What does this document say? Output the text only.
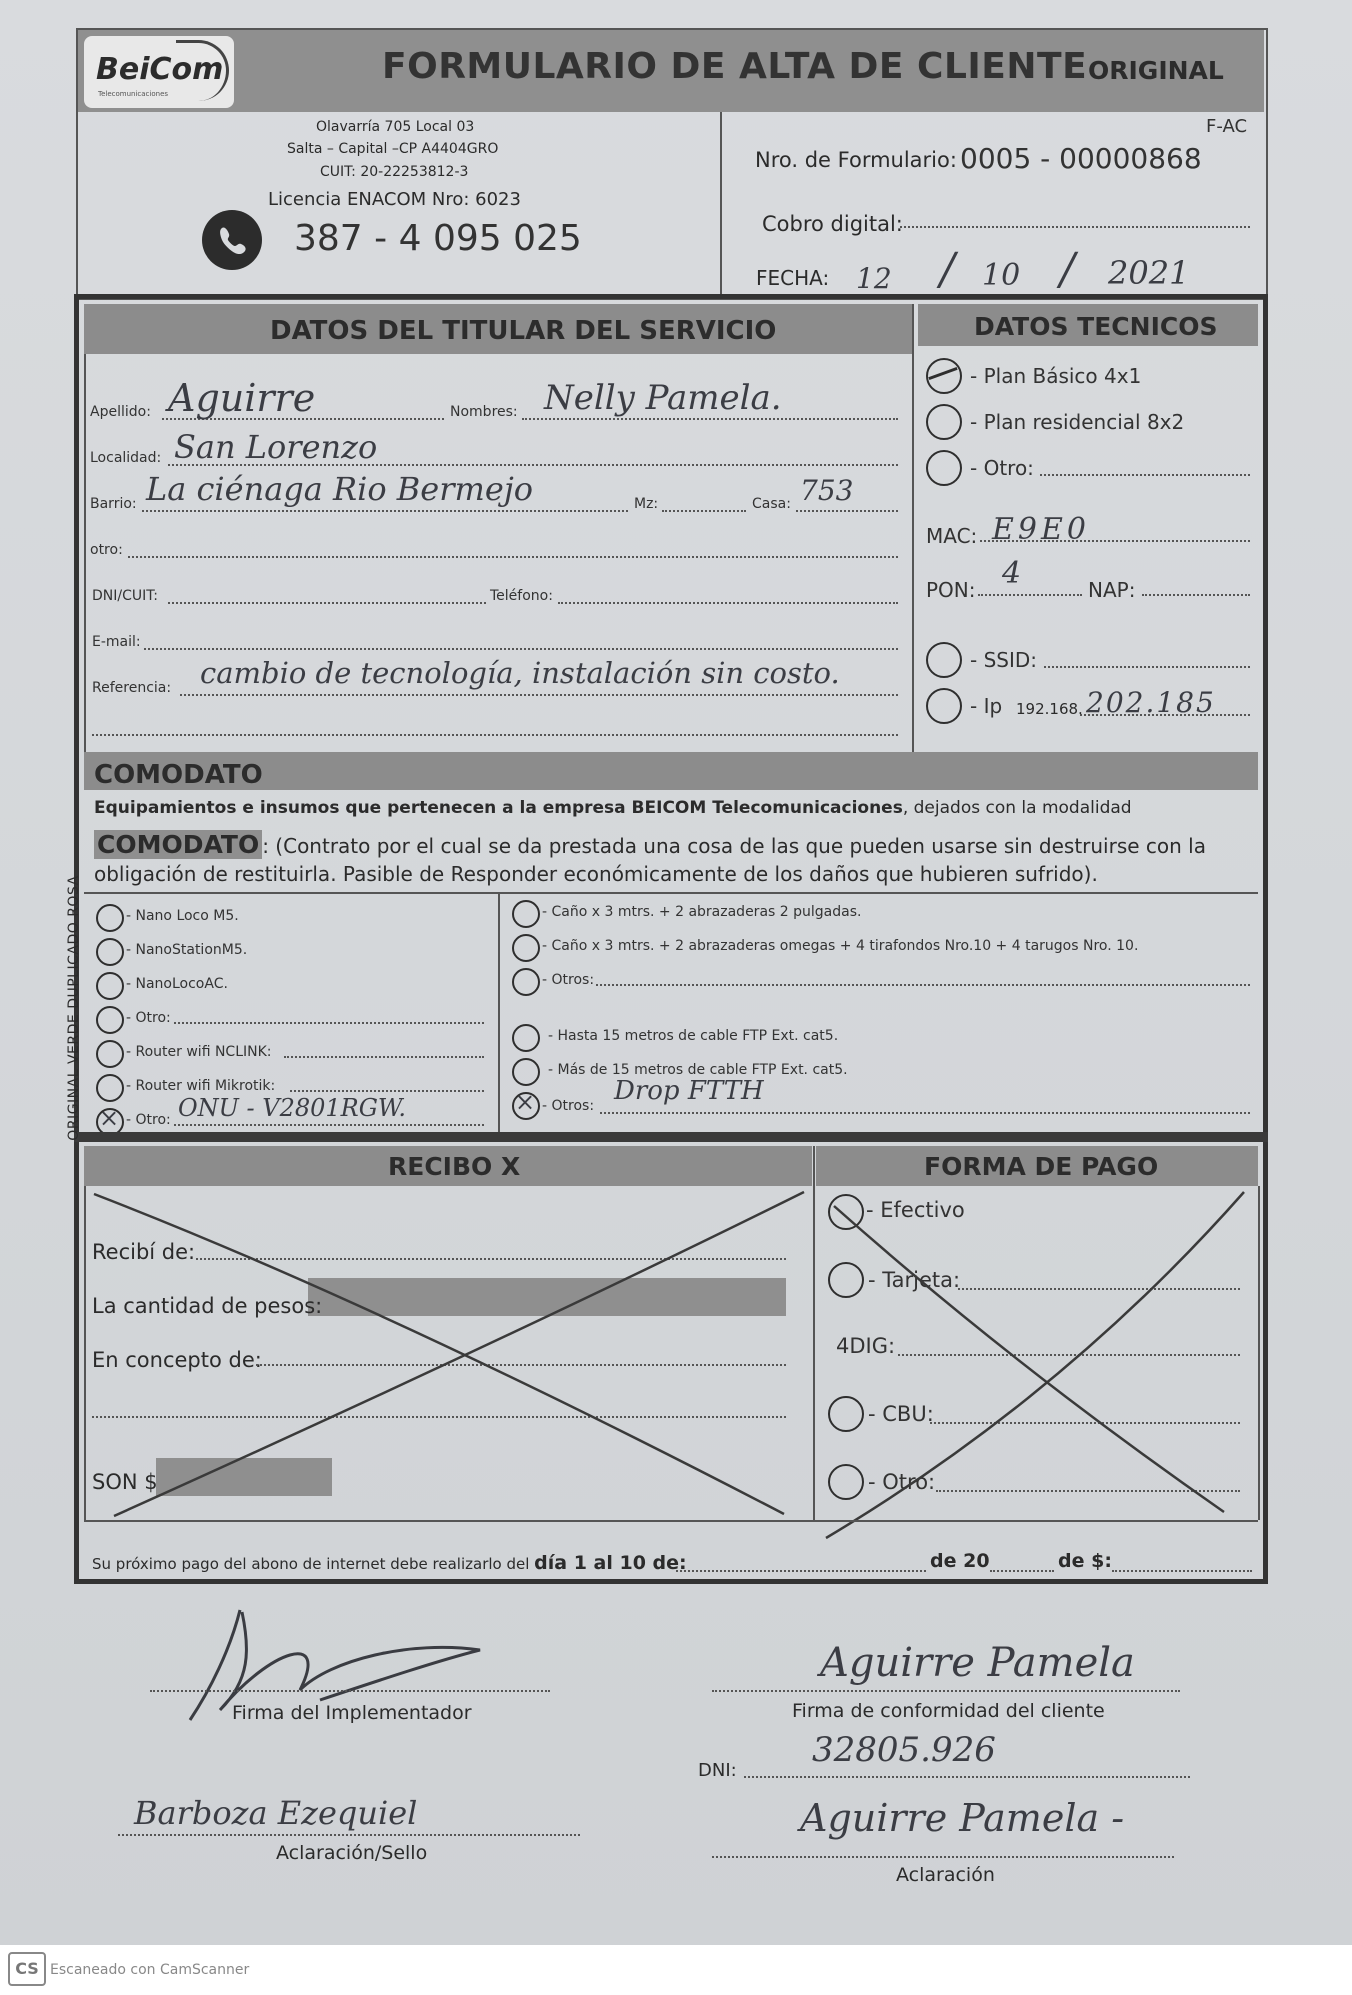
BeiCom
Telecomunicaciones
FORMULARIO DE ALTA DE CLIENTE ORIGINAL
F-AC
Olavarría 705 Local 03
Salta – Capital –CP A4404GRO
CUIT: 20-22253812-3
Licencia ENACOM Nro: 6023
387 - 4 095 025
Nro. de Formulario: 0005 - 00000868
Cobro digital:
FECHA: 12 / 10 / 2021
DATOS DEL TITULAR DEL SERVICIO	DATOS TECNICOS
Apellido: Aguirre	Nombres: Nelly Pamela.
Localidad: San Lorenzo
Barrio: La ciénaga Rio Bermejo	Mz:	Casa: 753
otro:
DNI/CUIT:	Teléfono:
E-mail:
Referencia: cambio de tecnología, instalación sin costo.
- Plan Básico 4x1
- Plan residencial 8x2
- Otro:
MAC: E9E0
PON: 4	NAP:
- SSID:
- Ip 192.168. 202.185
COMODATO
Equipamientos e insumos que pertenecen a la empresa BEICOM Telecomunicaciones, dejados con la modalidad
COMODATO : (Contrato por el cual se da prestada una cosa de las que pueden usarse sin destruirse con la
obligación de restituirla. Pasible de Responder económicamente de los daños que hubieren sufrido).
- Nano Loco M5.
- NanoStationM5.
- NanoLocoAC.
- Otro:
- Router wifi NCLINK:
- Router wifi Mikrotik:
× - Otro: ONU - V2801RGW.
- Caño x 3 mtrs. + 2 abrazaderas 2 pulgadas.
- Caño x 3 mtrs. + 2 abrazaderas omegas + 4 tirafondos Nro.10 + 4 tarugos Nro. 10.
- Otros:
- Hasta 15 metros de cable FTP Ext. cat5.
- Más de 15 metros de cable FTP Ext. cat5.
× - Otros: Drop FTTH
RECIBO X	FORMA DE PAGO
Recibí de:
La cantidad de pesos:
En concepto de:
SON $
- Efectivo
- Tarjeta:
4DIG:
- CBU:
- Otro:
Su próximo pago del abono de internet debe realizarlo del día 1 al 10 de:	de 20	de $:
Firma del Implementador
Aguirre Pamela
Firma de conformidad del cliente
DNI:
32805.926
Barboza Ezequiel
Aclaración/Sello
Aguirre Pamela -
Aclaración
ORIGINAL VERDE DUPLICADO ROSA
CS Escaneado con CamScanner
